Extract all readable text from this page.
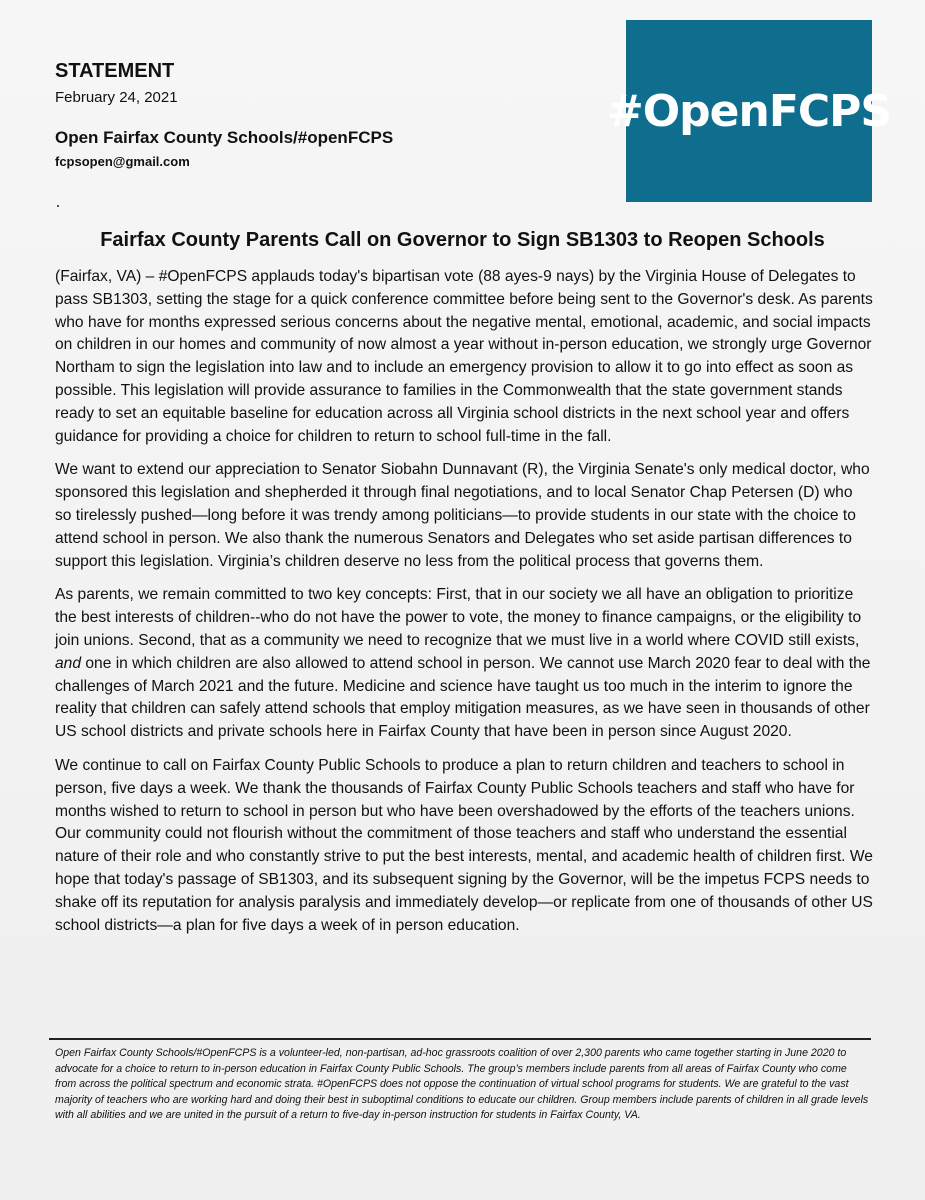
STATEMENT
February 24, 2021
Open Fairfax County Schools/#openFCPS
fcpsopen@gmail.com
#OpenFCPS
Fairfax County Parents Call on Governor to Sign SB1303 to Reopen Schools

(Fairfax, VA) – #OpenFCPS applauds today's bipartisan vote (88 ayes-9 nays) by the Virginia House of Delegates to pass SB1303, setting the stage for a quick conference committee before being sent to the Governor's desk. As parents who have for months expressed serious concerns about the negative mental, emotional, academic, and social impacts on children in our homes and community of now almost a year without in-person education, we strongly urge Governor Northam to sign the legislation into law and to include an emergency provision to allow it to go into effect as soon as possible. This legislation will provide assurance to families in the Commonwealth that the state government stands ready to set an equitable baseline for education across all Virginia school districts in the next school year and offers guidance for providing a choice for children to return to school full-time in the fall.

We want to extend our appreciation to Senator Siobahn Dunnavant (R), the Virginia Senate's only medical doctor, who sponsored this legislation and shepherded it through final negotiations, and to local Senator Chap Petersen (D) who so tirelessly pushed—long before it was trendy among politicians—to provide students in our state with the choice to attend school in person. We also thank the numerous Senators and Delegates who set aside partisan differences to support this legislation. Virginia’s children deserve no less from the political process that governs them.

As parents, we remain committed to two key concepts: First, that in our society we all have an obligation to prioritize the best interests of children--who do not have the power to vote, the money to finance campaigns, or the eligibility to join unions. Second, that as a community we need to recognize that we must live in a world where COVID still exists, and one in which children are also allowed to attend school in person. We cannot use March 2020 fear to deal with the challenges of March 2021 and the future. Medicine and science have taught us too much in the interim to ignore the reality that children can safely attend schools that employ mitigation measures, as we have seen in thousands of other US school districts and private schools here in Fairfax County that have been in person since August 2020.

We continue to call on Fairfax County Public Schools to produce a plan to return children and teachers to school in person, five days a week. We thank the thousands of Fairfax County Public Schools teachers and staff who have for months wished to return to school in person but who have been overshadowed by the efforts of the teachers unions. Our community could not flourish without the commitment of those teachers and staff who understand the essential nature of their role and who constantly strive to put the best interests, mental, and academic health of children first. We hope that today's passage of SB1303, and its subsequent signing by the Governor, will be the impetus FCPS needs to shake off its reputation for analysis paralysis and immediately develop—or replicate from one of thousands of other US school districts—a plan for five days a week of in person education.

Open Fairfax County Schools/#OpenFCPS is a volunteer-led, non-partisan, ad-hoc grassroots coalition of over 2,300 parents who came together starting in June 2020 to advocate for a choice to return to in-person education in Fairfax County Public Schools. The group’s members include parents from all areas of Fairfax County who come from across the political spectrum and economic strata. #OpenFCPS does not oppose the continuation of virtual school programs for students. We are grateful to the vast majority of teachers who are working hard and doing their best in suboptimal conditions to educate our children. Group members include parents of children in all grade levels with all abilities and we are united in the pursuit of a return to five-day in-person instruction for students in Fairfax County, VA.
